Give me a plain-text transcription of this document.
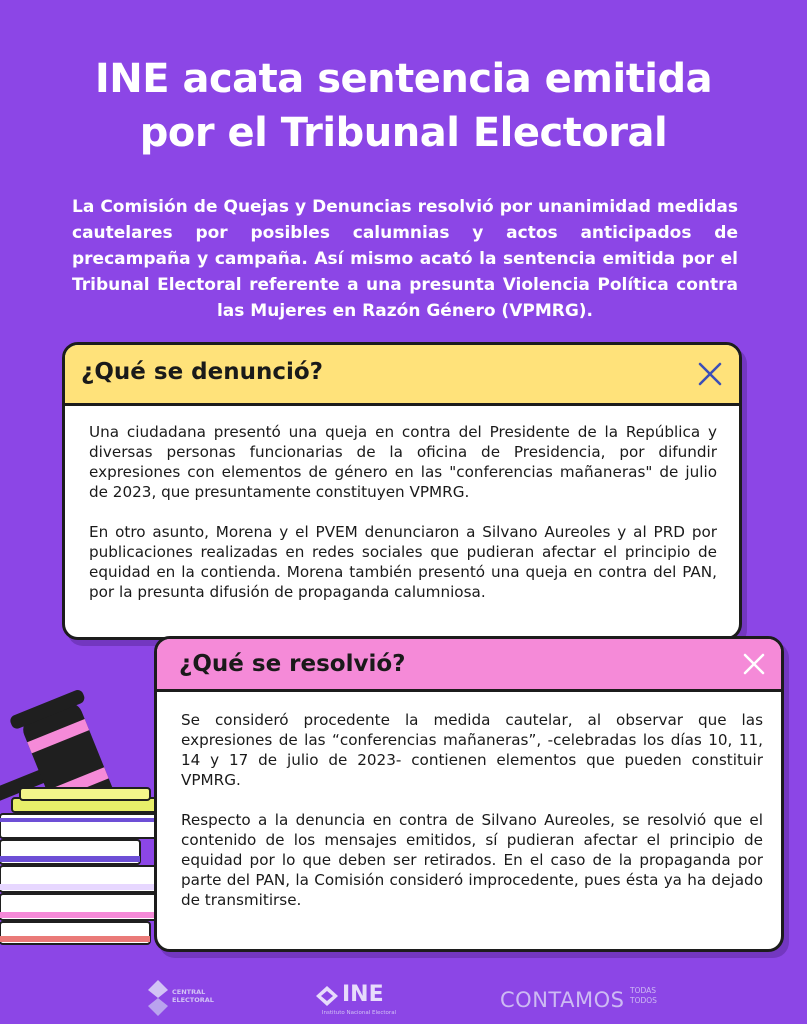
INE acata sentencia emitida
por el Tribunal Electoral
La Comisión de Quejas y Denuncias resolvió por unanimidad medidas cautelares por posibles calumnias y actos anticipados de precampaña y campaña. Así mismo acató la sentencia emitida por el Tribunal Electoral referente a una presunta Violencia Política contra las Mujeres en Razón Género (VPMRG).
¿Qué se denunció?

Una ciudadana presentó una queja en contra del Presidente de la República y diversas personas funcionarias de la oficina de Presidencia, por difundir expresiones con elementos de género en las "conferencias mañaneras" de julio de 2023, que presuntamente constituyen VPMRG.

En otro asunto, Morena y el PVEM denunciaron a Silvano Aureoles y al PRD por publicaciones realizadas en redes sociales que pudieran afectar el principio de equidad en la contienda. Morena también presentó una queja en contra del PAN, por la presunta difusión de propaganda calumniosa.

¿Qué se resolvió?

Se consideró procedente la medida cautelar, al observar que las expresiones de las “conferencias mañaneras”, -celebradas los días 10, 11, 14 y 17 de julio de 2023- contienen elementos que pueden constituir VPMRG.

Respecto a la denuncia en contra de Silvano Aureoles, se resolvió que el contenido de los mensajes emitidos, sí pudieran afectar el principio de equidad por lo que deben ser retirados. En el caso de la propaganda por parte del PAN, la Comisión consideró improcedente, pues ésta ya ha dejado de transmitirse.

CENTRAL
ELECTORAL	INE
Instituto Nacional Electoral
CONTAMOS TODAS
TODOS
